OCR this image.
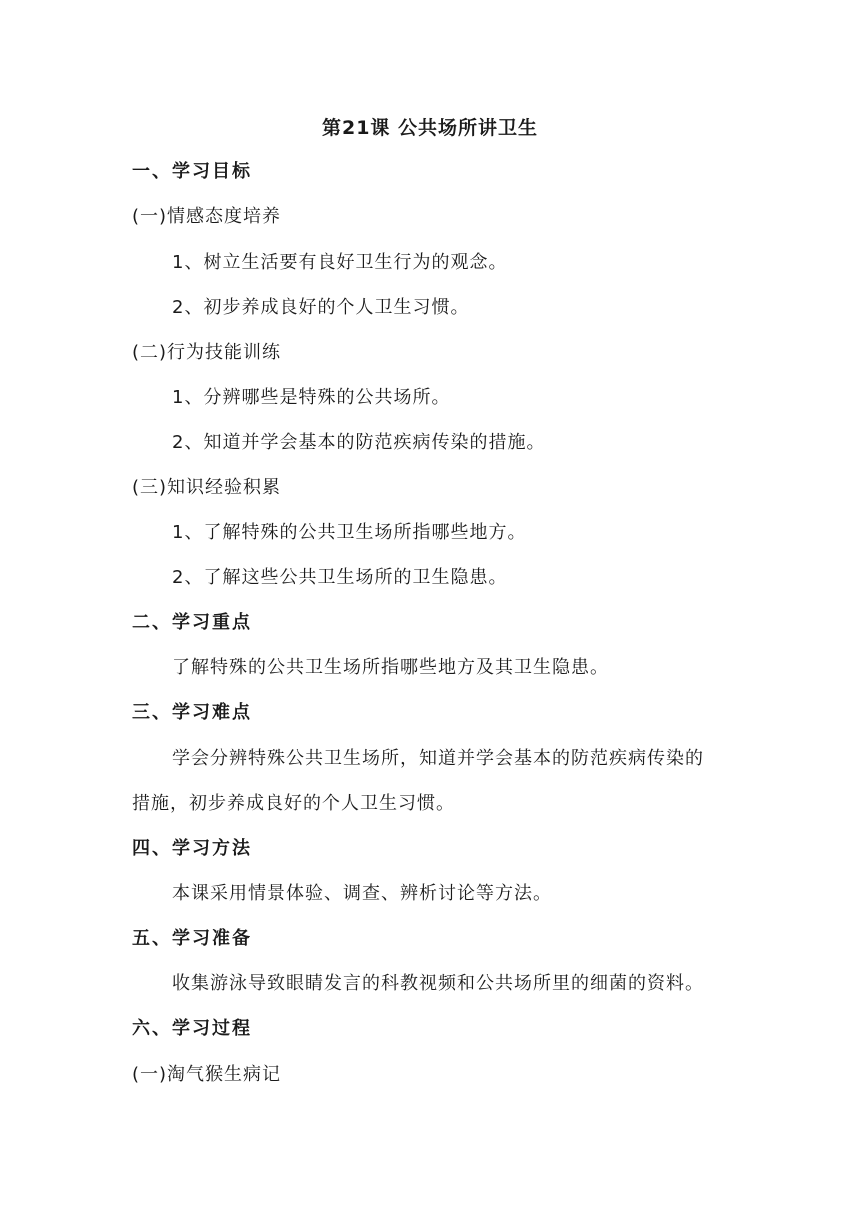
第21课 公共场所讲卫生
一、学习目标
(一)情感态度培养
1、树立生活要有良好卫生行为的观念。
2、初步养成良好的个人卫生习惯。
(二)行为技能训练
1、分辨哪些是特殊的公共场所。
2、知道并学会基本的防范疾病传染的措施。
(三)知识经验积累
1、了解特殊的公共卫生场所指哪些地方。
2、了解这些公共卫生场所的卫生隐患。
二、学习重点
了解特殊的公共卫生场所指哪些地方及其卫生隐患。
三、学习难点
学会分辨特殊公共卫生场所，知道并学会基本的防范疾病传染的
措施，初步养成良好的个人卫生习惯。
四、学习方法
本课采用情景体验、调查、辨析讨论等方法。
五、学习准备
收集游泳导致眼睛发言的科教视频和公共场所里的细菌的资料。
六、学习过程
(一)淘气猴生病记
